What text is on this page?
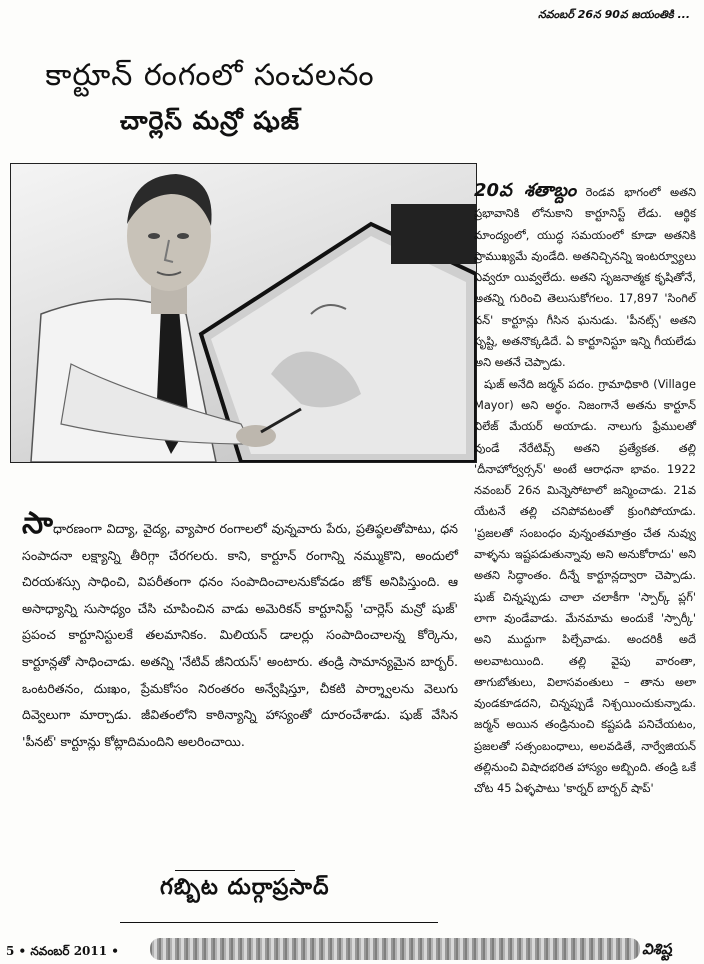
నవంబర్ 26న 90వ జయంతికి ...
కార్టూన్ రంగంలో సంచలనం
చార్లెస్ మన్రో షుజ్

20వ శతాబ్దం రెండవ భాగంలో అతని ప్రభావానికి లోనుకాని కార్టూనిస్ట్ లేడు. ఆర్థిక మాంద్యంలో, యుద్ధ సమయంలో కూడా అతనికి ప్రాముఖ్యమే వుండేది. అతనిచ్చినన్ని ఇంటర్వ్యూలు ఎవ్వరూ యివ్వలేదు. అతని సృజనాత్మక కృషితోనే, అతన్ని గురించి తెలుసుకోగలం. 17,897 'సింగిల్ వన్' కార్టూన్లు గీసిన ఘనుడు. 'పీనట్స్' అతని సృష్టి, అతనొక్కడిదే. ఏ కార్టూనిస్టూ ఇన్ని గీయలేడు అని అతనే చెప్పాడు.

షుజ్ అనేది జర్మన్ పదం. గ్రామాధికారి (Village Mayor) అని అర్థం. నిజంగానే అతను కార్టూన్ విలేజ్ మేయర్ అయాడు. నాలుగు ఫ్రేములతో వుండే నేరేటివ్స్ అతని ప్రత్యేకత. తల్లి 'దీనాహోర్వర్సన్' అంటే ఆరాధనా భావం. 1922 నవంబర్ 26న మిన్నెసోటాలో జన్మించాడు. 21వ యేటనే తల్లి చనిపోవటంతో క్రుంగిపోయాడు. 'ప్రజలతో సంబంధం వున్నంతమాత్రం చేత నువ్వు వాళ్ళను ఇష్టపడుతున్నావు అని అనుకోరాదు' అని అతని సిద్ధాంతం. దీన్నే కార్టూన్లద్వారా చెప్పాడు. షుజ్ చిన్నప్పుడు చాలా చలాకీగా 'స్పార్క్ ప్లగ్' లాగా వుండేవాడు. మేనమామ అందుకే 'స్పార్కీ' అని ముద్దుగా పిల్చేవాడు. అందరికీ అదే అలవాటయింది. తల్లి వైపు వారంతా, తాగుబోతులు, విలాసవంతులు – తాను అలా వుండకూడదని, చిన్నప్పుడే నిశ్చయించుకున్నాడు. జర్మన్ అయిన తండ్రినుంచి కష్టపడి పనిచేయటం, ప్రజలతో సత్సంబంధాలు, అలవడితే, నార్వేజియన్ తల్లినుంచి విషాదభరిత హాస్యం అబ్బింది. తండ్రి ఒకే చోట 45 ఏళ్ళపాటు 'కార్నర్ బార్బర్ షాప్'

సాధారణంగా విద్యా, వైద్య, వ్యాపార రంగాలలో వున్నవారు పేరు, ప్రతిష్ఠలతోపాటు, ధన సంపాదనా లక్ష్యాన్ని తీరిగ్గా చేరగలరు. కాని, కార్టూన్ రంగాన్ని నమ్ముకొని, అందులో చిరయశస్సు సాధించి, విపరీతంగా ధనం సంపాదించాలనుకోవడం జోక్ అనిపిస్తుంది. ఆ అసాధ్యాన్ని సుసాధ్యం చేసి చూపించిన వాడు అమెరికన్ కార్టూనిస్ట్ 'చార్లెస్ మన్రో షుజ్' ప్రపంచ కార్టూనిస్టులకే తలమానికం. మిలియన్ డాలర్లు సంపాదించాలన్న కోర్కెను, కార్టూన్లతో సాధించాడు. అతన్ని 'నేటివ్ జీనియస్' అంటారు. తండ్రి సామాన్యమైన బార్బర్. ఒంటరితనం, దుఃఖం, ప్రేమకోసం నిరంతరం అన్వేషిస్తూ, చీకటి పార్శ్వాలను వెలుగు దివ్వెలుగా మార్చాడు. జీవితంలోని కాఠిన్యాన్ని హాస్యంతో దూరంచేశాడు. షుజ్ వేసిన 'పీనట్' కార్టూన్లు కోట్లాదిమందిని అలరించాయి.

గబ్బిట దుర్గాప్రసాద్
5 • నవంబర్ 2011 •	విశిష్ట
